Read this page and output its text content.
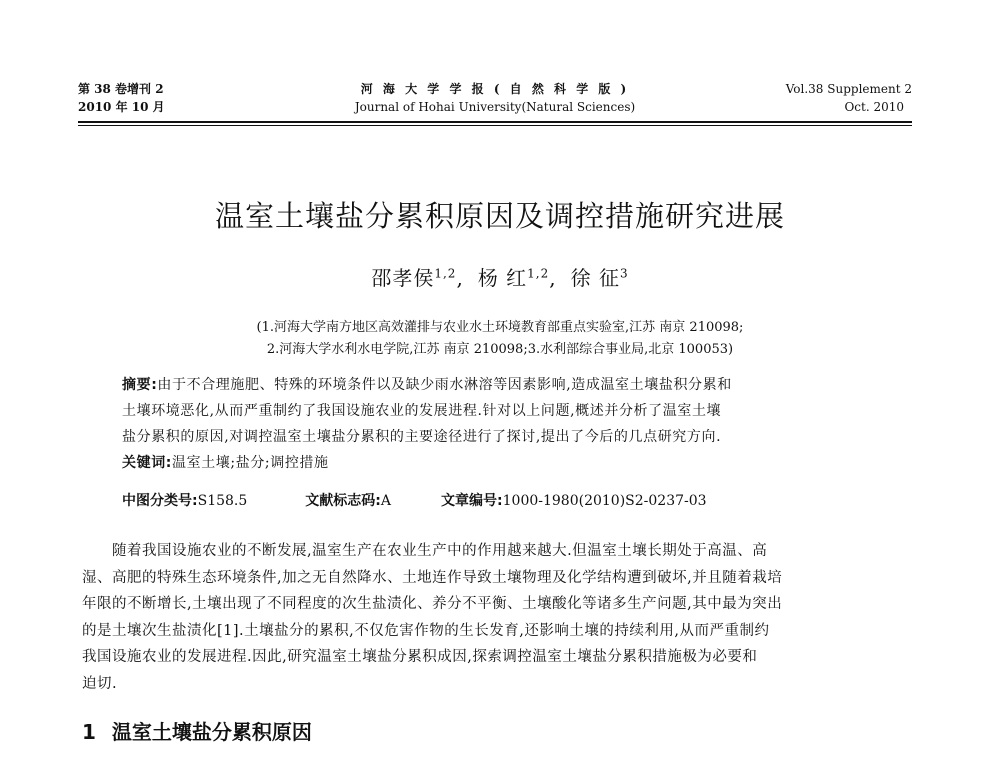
第 38 卷增刊 2
2010 年 10 月
河 海 大 学 学 报 ( 自 然 科 学 版 )
Journal of Hohai University(Natural Sciences)
Vol.38 Supplement 2
Oct. 2010
温室土壤盐分累积原因及调控措施研究进展
邵孝侯$^{1,2}$, 杨 红$^{1,2}$, 徐 征$^3$
(1.河海大学南方地区高效灌排与农业水土环境教育部重点实验室,江苏 南京 210098;
2.河海大学水利水电学院,江苏 南京 210098;3.水利部综合事业局,北京 100053)
摘要:由于不合理施肥、特殊的环境条件以及缺少雨水淋溶等因素影响,造成温室土壤盐积分累和
土壤环境恶化,从而严重制约了我国设施农业的发展进程.针对以上问题,概述并分析了温室土壤
盐分累积的原因,对调控温室土壤盐分累积的主要途径进行了探讨,提出了今后的几点研究方向.
关键词:温室土壤;盐分;调控措施
中图分类号:S158.5	文献标志码:A	文章编号:1000-1980(2010)S2-0237-03
随着我国设施农业的不断发展,温室生产在农业生产中的作用越来越大.但温室土壤长期处于高温、高
湿、高肥的特殊生态环境条件,加之无自然降水、土地连作导致土壤物理及化学结构遭到破坏,并且随着栽培
年限的不断增长,土壤出现了不同程度的次生盐渍化、养分不平衡、土壤酸化等诸多生产问题,其中最为突出
的是土壤次生盐渍化[1].土壤盐分的累积,不仅危害作物的生长发育,还影响土壤的持续利用,从而严重制约
我国设施农业的发展进程.因此,研究温室土壤盐分累积成因,探索调控温室土壤盐分累积措施极为必要和
迫切.
1 温室土壤盐分累积原因
